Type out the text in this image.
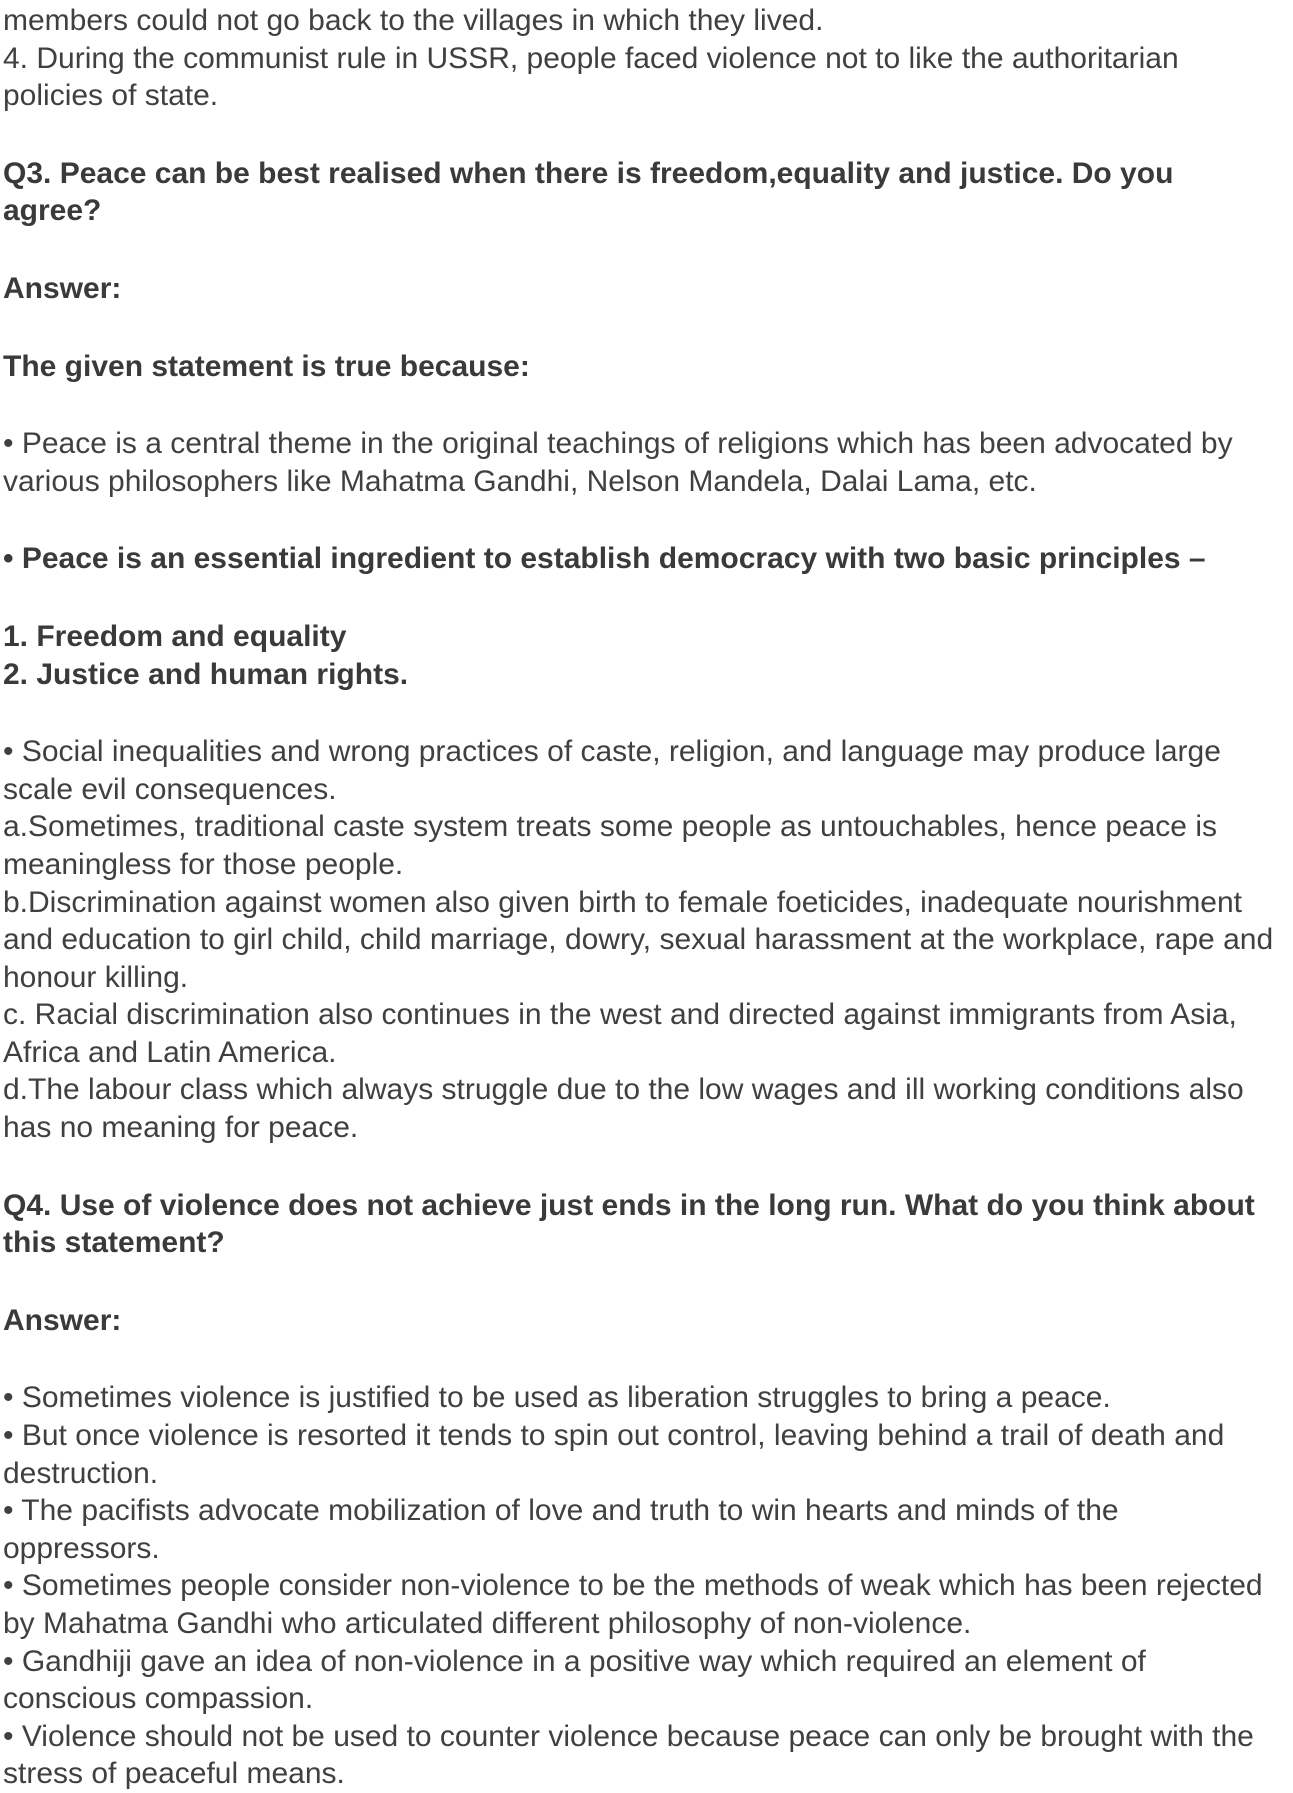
members could not go back to the villages in which they lived.
4. During the communist rule in USSR, people faced violence not to like the authoritarian
policies of state.
Q3. Peace can be best realised when there is freedom,equality and justice. Do you
agree?
Answer:
The given statement is true because:
• Peace is a central theme in the original teachings of religions which has been advocated by
various philosophers like Mahatma Gandhi, Nelson Mandela, Dalai Lama, etc.
• Peace is an essential ingredient to establish democracy with two basic principles –
1. Freedom and equality
2. Justice and human rights.
• Social inequalities and wrong practices of caste, religion, and language may produce large
scale evil consequences.
a.Sometimes, traditional caste system treats some people as untouchables, hence peace is
meaningless for those people.
b.Discrimination against women also given birth to female foeticides, inadequate nourishment
and education to girl child, child marriage, dowry, sexual harassment at the workplace, rape and
honour killing.
c. Racial discrimination also continues in the west and directed against immigrants from Asia,
Africa and Latin America.
d.The labour class which always struggle due to the low wages and ill working conditions also
has no meaning for peace.
Q4. Use of violence does not achieve just ends in the long run. What do you think about
this statement?
Answer:
• Sometimes violence is justified to be used as liberation struggles to bring a peace.
• But once violence is resorted it tends to spin out control, leaving behind a trail of death and
destruction.
• The pacifists advocate mobilization of love and truth to win hearts and minds of the
oppressors.
• Sometimes people consider non-violence to be the methods of weak which has been rejected
by Mahatma Gandhi who articulated different philosophy of non-violence.
• Gandhiji gave an idea of non-violence in a positive way which required an element of
conscious compassion.
• Violence should not be used to counter violence because peace can only be brought with the
stress of peaceful means.
